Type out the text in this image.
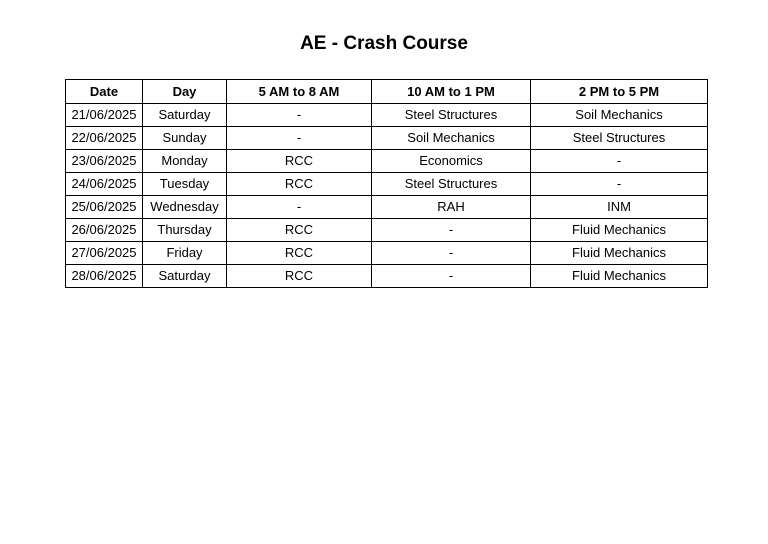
AE - Crash Course
Date	Day	5 AM to 8 AM	10 AM to 1 PM	2 PM to 5 PM
21/06/2025	Saturday	-	Steel Structures	Soil Mechanics
22/06/2025	Sunday	-	Soil Mechanics	Steel Structures
23/06/2025	Monday	RCC	Economics	-
24/06/2025	Tuesday	RCC	Steel Structures	-
25/06/2025	Wednesday	-	RAH	INM
26/06/2025	Thursday	RCC	-	Fluid Mechanics
27/06/2025	Friday	RCC	-	Fluid Mechanics
28/06/2025	Saturday	RCC	-	Fluid Mechanics
